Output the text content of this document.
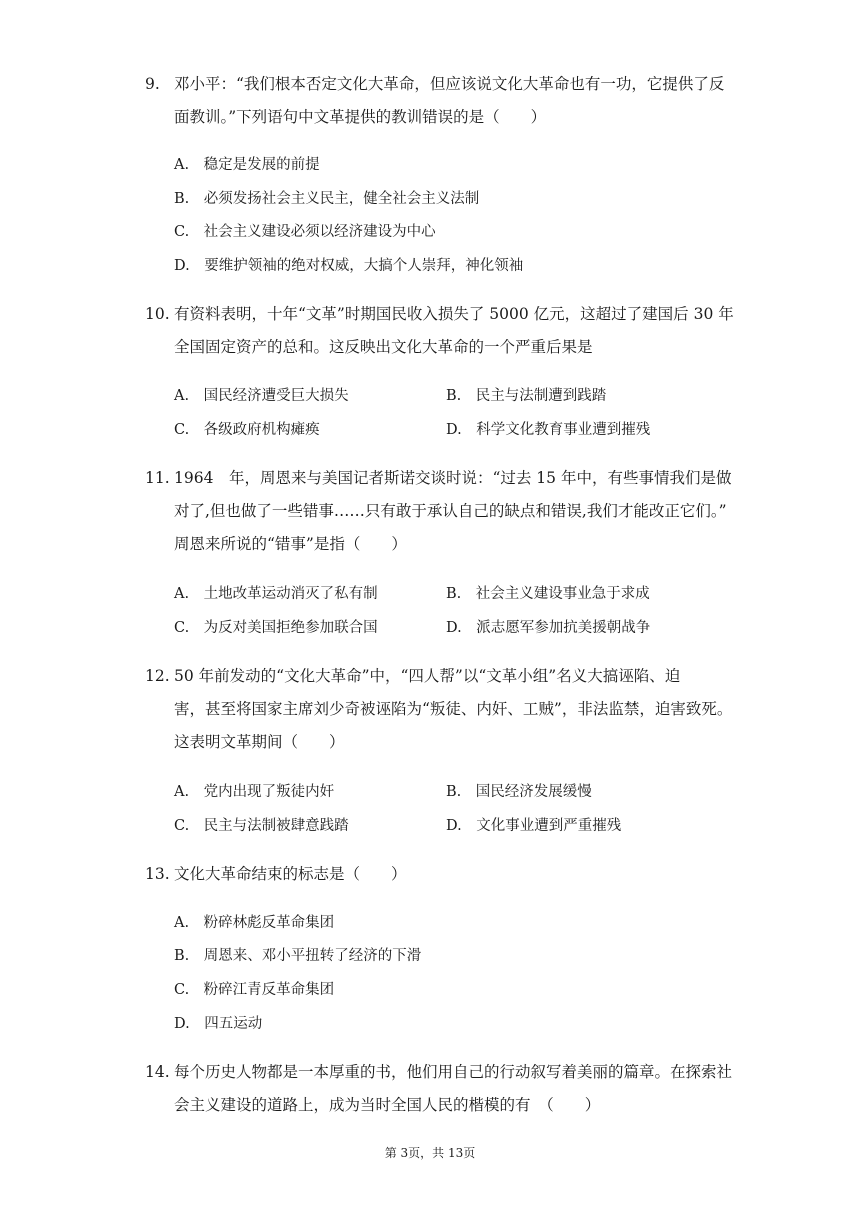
9. 邓小平：“我们根本否定文化大革命，但应该说文化大革命也有一功，它提供了反
面教训。”下列语句中文革提供的教训错误的是（　　）
A.　稳定是发展的前提
B.　必须发扬社会主义民主，健全社会主义法制
C.　社会主义建设必须以经济建设为中心
D.　要维护领袖的绝对权威，大搞个人崇拜，神化领袖
10. 有资料表明，十年“文革”时期国民收入损失了 5000 亿元，这超过了建国后 30 年
全国固定资产的总和。这反映出文化大革命的一个严重后果是
A.　国民经济遭受巨大损失	B.　民主与法制遭到践踏
C.　各级政府机构瘫痪	D.　科学文化教育事业遭到摧残
11. 1964　年，周恩来与美国记者斯诺交谈时说：“过去 15 年中，有些事情我们是做
对了,但也做了一些错事……只有敢于承认自己的缺点和错误,我们才能改正它们。”
周恩来所说的“错事”是指（　　）
A.　土地改革运动消灭了私有制	B.　社会主义建设事业急于求成
C.　为反对美国拒绝参加联合国	D.　派志愿军参加抗美援朝战争
12. 50 年前发动的“文化大革命”中，“四人帮”以“文革小组”名义大搞诬陷、迫
害，甚至将国家主席刘少奇被诬陷为“叛徒、内奸、工贼”，非法监禁，迫害致死。
这表明文革期间（　　）
A.　党内出现了叛徒内奸	B.　国民经济发展缓慢
C.　民主与法制被肆意践踏	D.　文化事业遭到严重摧残
13. 文化大革命结束的标志是（　　）
A.　粉碎林彪反革命集团
B.　周恩来、邓小平扭转了经济的下滑
C.　粉碎江青反革命集团
D.　四五运动
14. 每个历史人物都是一本厚重的书，他们用自己的行动叙写着美丽的篇章。在探索社
会主义建设的道路上，成为当时全国人民的楷模的有　（　　）
第 3页，共 13页
